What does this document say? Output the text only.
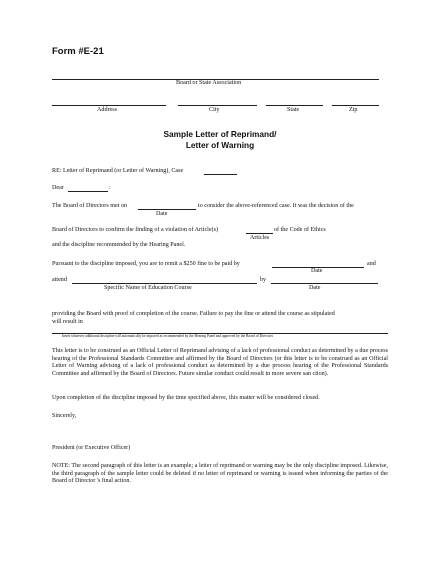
Form #E-21
Board or State Association
Address	City	State	Zip
Sample Letter of Reprimand/
Letter of Warning
RE: Letter of Reprimand (or Letter of Warning), Case
Dear	:
The Board of Directors met on	to consider the above-referenced case. It was the decision of the
Date
Board of Directors to confirm the finding of a violation of Article(s)	of the Code of Ethics
Articles
and the discipline recommended by the Hearing Panel.
Pursuant to the discipline imposed, you are to remit a $250 fine to be paid by	and
Date
attend	by
Specific Name of Education Course	Date
providing the Board with proof of completion of the course. Failure to pay the fine or attend the course as stipulated
will result in
Insert whatever additional discipline will automatically be imposed as recommended by the Hearing Panel and approved by the Board of Directors
This letter is to be construed as an Official Letter of Reprimand advising of a lack of professional conduct as determined by a due process hearing of the Professional Standards Committee and affirmed by the Board of Directors (or this letter is to be construed as an Official Letter of Warning advising of a lack of professional conduct as determined by a due process hearing of the Professional Standards Committee and affirmed by the Board of Directors. Future similar conduct could result in more severe san ction).
Upon completion of the discipline imposed by the time specified above, this matter will be considered closed.
Sincerely,
President (or Executive Officer)
NOTE: The second paragraph of this letter is an example; a letter of reprimand or warning may be the only discipline imposed. Likewise, the third paragraph of the sample letter could be deleted if no letter of reprimand or warning is issued when informing the parties of the Board of Director 's final action.
